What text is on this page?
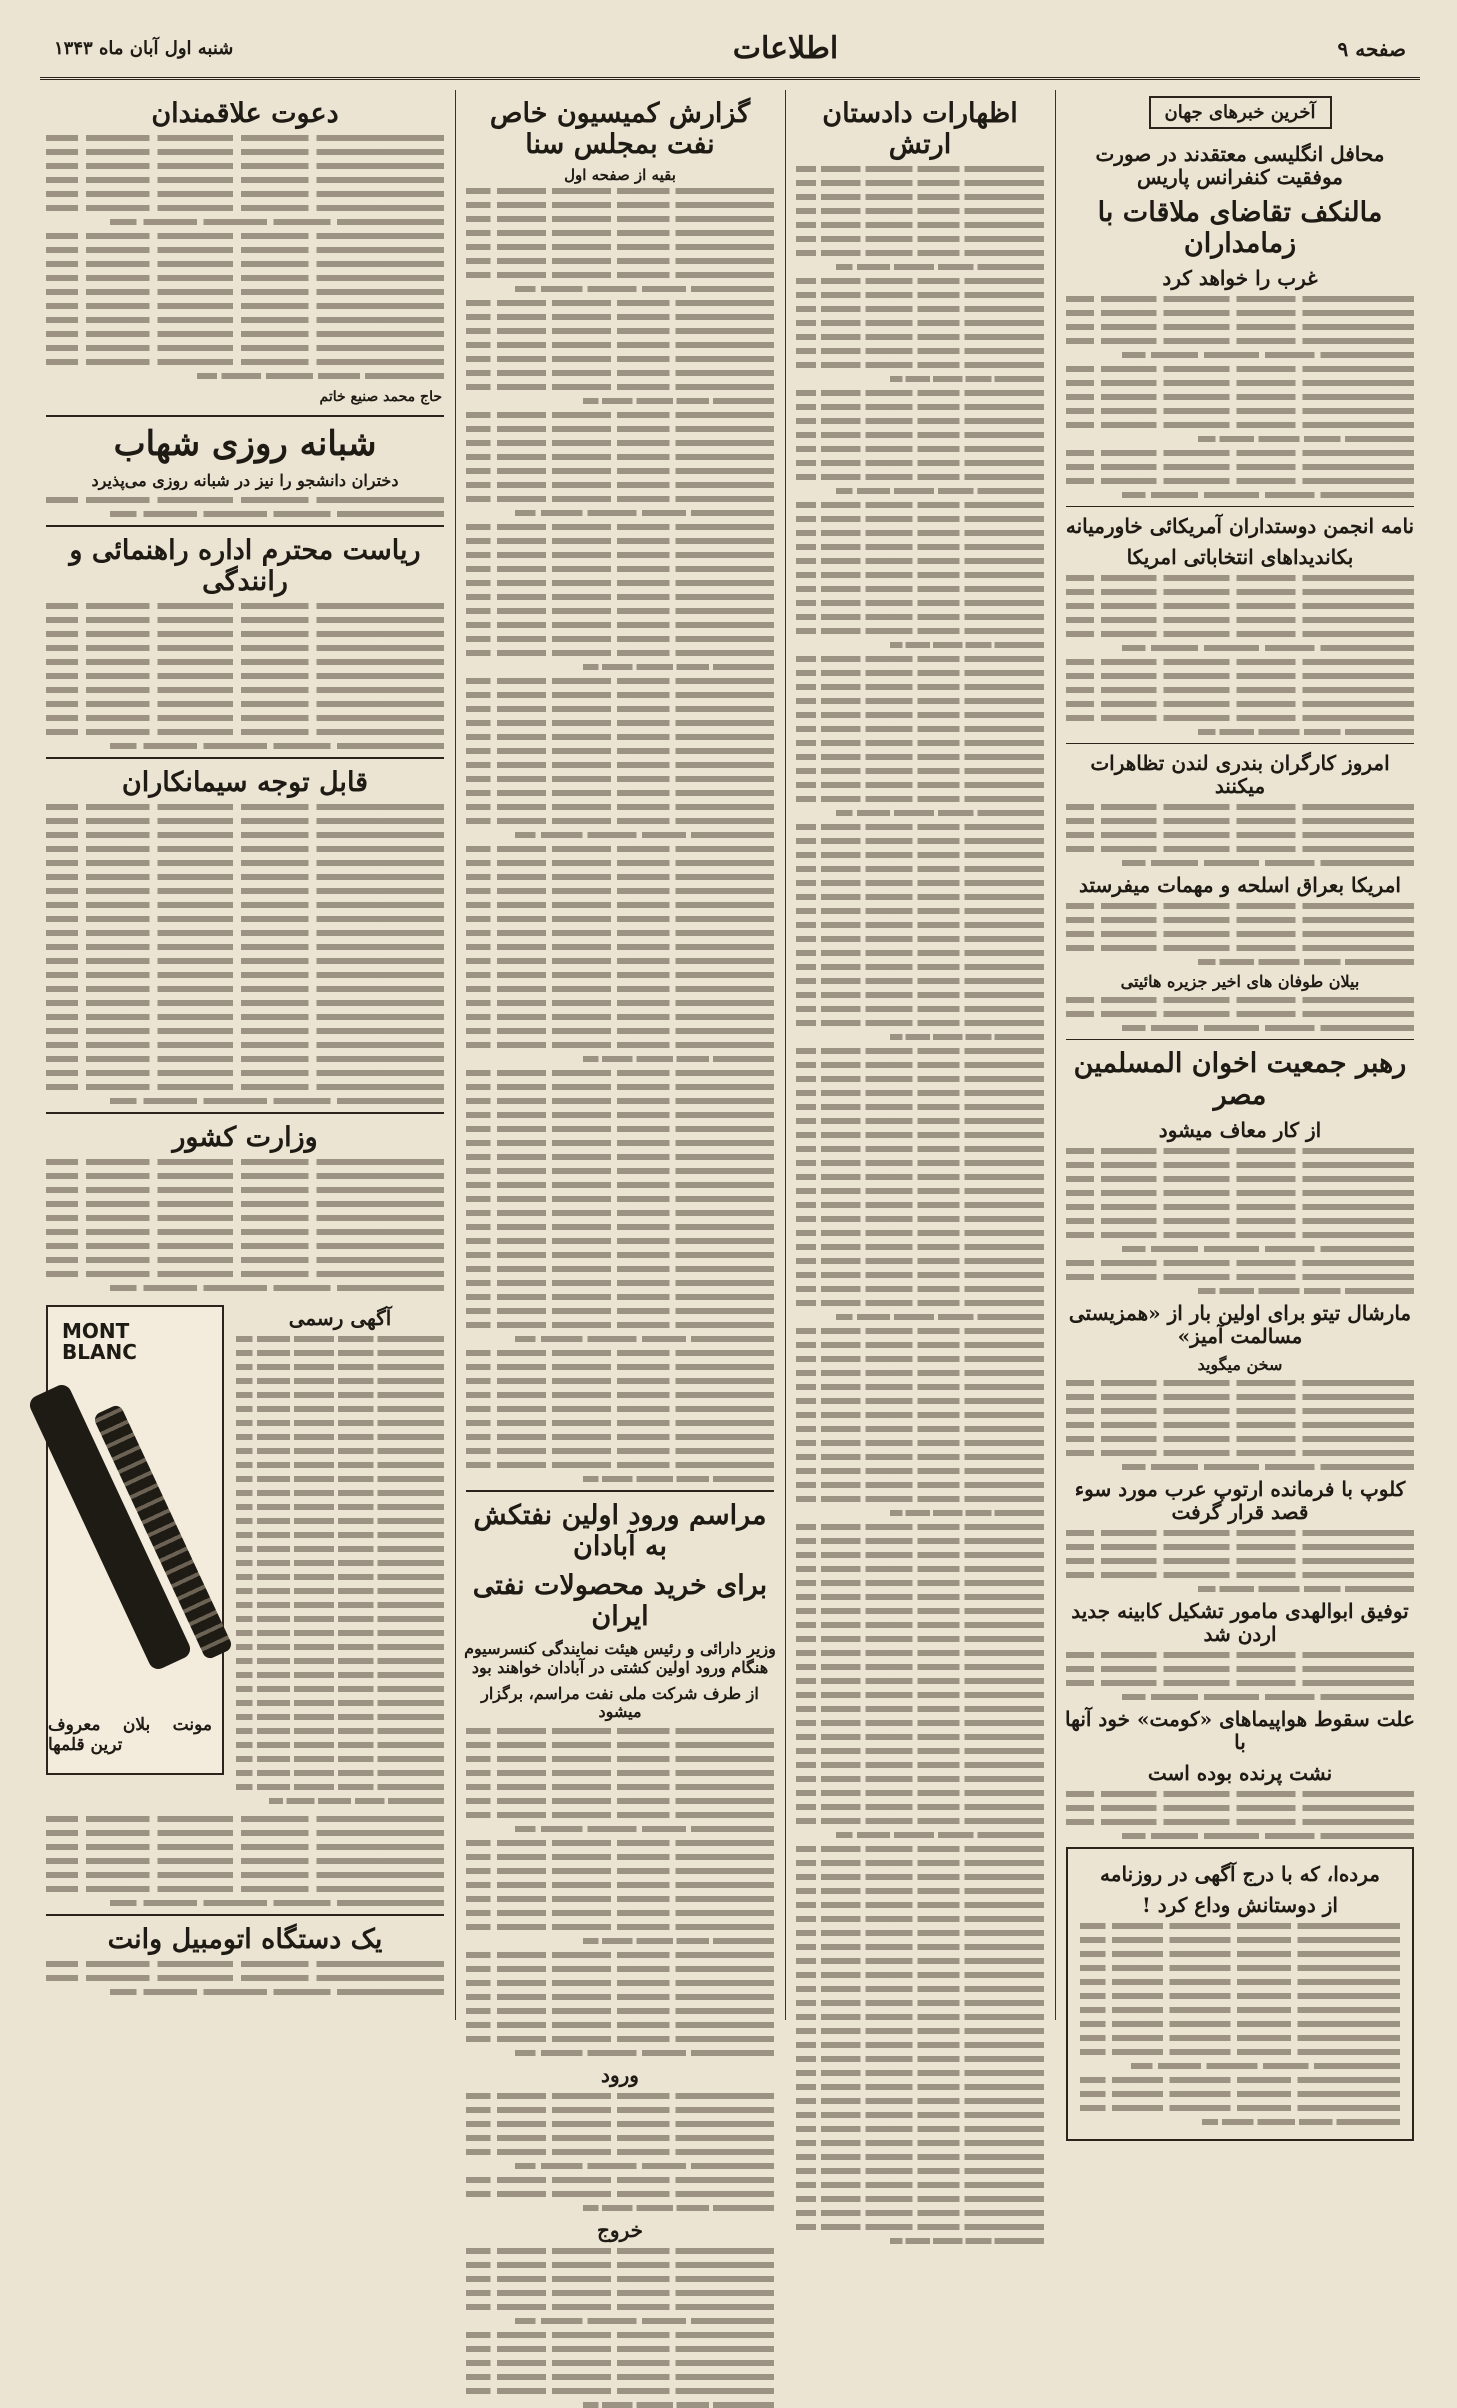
صفحه ۹
اطلاعات
شنبه اول آبان ماه ۱۳۴۳
آخرین خبرهای جهان
محافل انگلیسی معتقدند در صورت موفقیت کنفرانس پاریس
مالنکف تقاضای ملاقات با زمامداران
غرب را خواهد کرد
نامه انجمن دوستداران آمریکائی خاورمیانه
بکاندیداهای انتخاباتی امریکا
امروز کارگران بندری لندن تظاهرات میکنند
امریکا بعراق اسلحه و مهمات میفرستد
بیلان طوفان های اخیر جزیره هائیتی
رهبر جمعیت اخوان المسلمین مصر
از کار معاف میشود
مارشال تیتو برای اولین بار از «همزیستی مسالمت آمیز»
سخن میگوید
کلوپ با فرمانده ارتوپ عرب مورد سوء قصد قرار گرفت
توفیق ابوالهدی مامور تشکیل کابینه جدید اردن شد
علت سقوط هواپیماهای «کومت» خود آنها با
نشت پرنده بوده است
مرده‌ا، که با درج آگهی در روزنامه
از دوستانش وداع کرد !
اظهارات دادستان ارتش
گزارش کمیسیون خاص نفت بمجلس سنا
بقیه از صفحه اول
مراسم ورود اولین نفتکش به آبادان
برای خرید محصولات نفتی ایران
وزیر دارائی و رئیس هیئت نمایندگی کنسرسیوم هنگام ورود اولین کشتی در آبادان خواهند بود
از طرف شرکت ملی نفت مراسم، برگزار میشود
ورود
خروج
دعوت علاقمندان
حاج محمد صنیع خاتم
شبانه روزی شهاب
دختران دانشجو را نیز در شبانه روزی می‌پذیرد
ریاست محترم اداره راهنمائی و رانندگی
قابل توجه سیمانکاران
وزارت کشور
MONT
BLANC
مونت بلان معروف ترین قلمها
آگهی رسمی
یک دستگاه اتومبیل وانت
